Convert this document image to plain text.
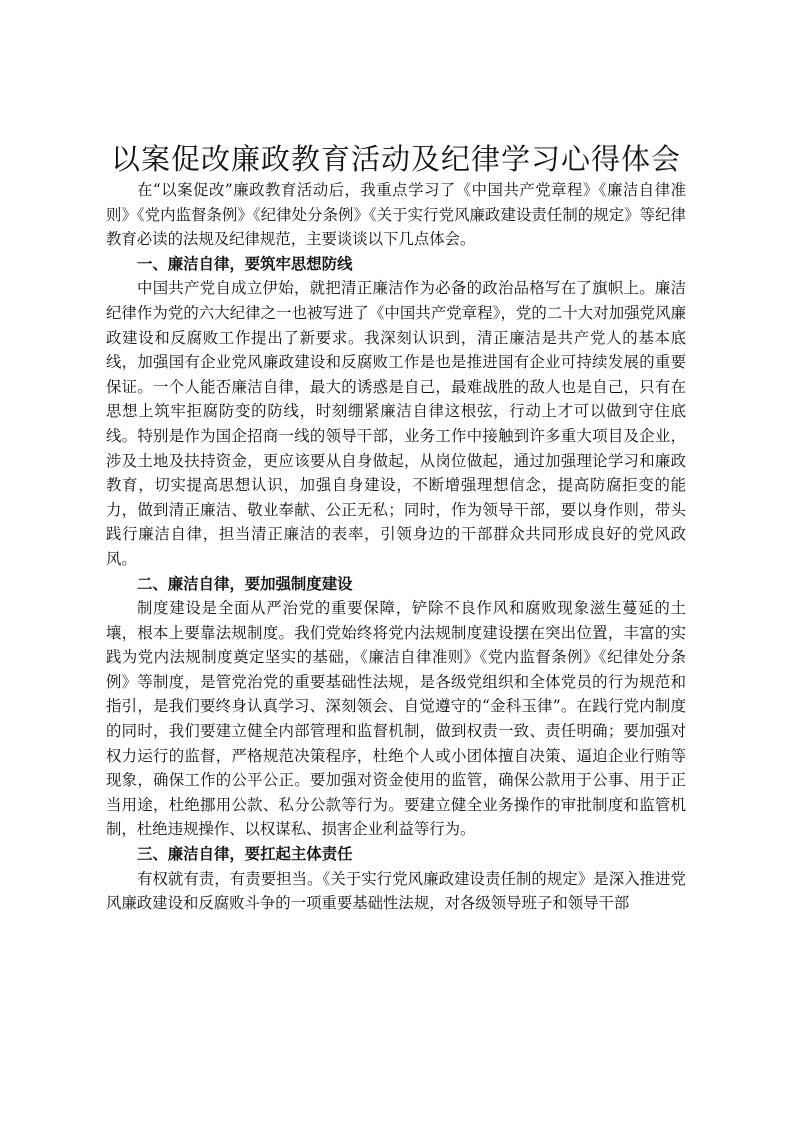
以案促改廉政教育活动及纪律学习心得体会

在“以案促改”廉政教育活动后，我重点学习了《中国共产党章程》《廉洁自律准则》《党内监督条例》《纪律处分条例》《关于实行党风廉政建设责任制的规定》等纪律教育必读的法规及纪律规范，主要谈谈以下几点体会。

一、廉洁自律，要筑牢思想防线

中国共产党自成立伊始，就把清正廉洁作为必备的政治品格写在了旗帜上。廉洁纪律作为党的六大纪律之一也被写进了《中国共产党章程》，党的二十大对加强党风廉政建设和反腐败工作提出了新要求。我深刻认识到，清正廉洁是共产党人的基本底线，加强国有企业党风廉政建设和反腐败工作是也是推进国有企业可持续发展的重要保证。一个人能否廉洁自律，最大的诱惑是自己，最难战胜的敌人也是自己，只有在思想上筑牢拒腐防变的防线，时刻绷紧廉洁自律这根弦，行动上才可以做到守住底线。特别是作为国企招商一线的领导干部，业务工作中接触到许多重大项目及企业，涉及土地及扶持资金，更应该要从自身做起，从岗位做起，通过加强理论学习和廉政教育，切实提高思想认识，加强自身建设，不断增强理想信念，提高防腐拒变的能力，做到清正廉洁、敬业奉献、公正无私；同时，作为领导干部，要以身作则，带头践行廉洁自律，担当清正廉洁的表率，引领身边的干部群众共同形成良好的党风政风。

二、廉洁自律，要加强制度建设

制度建设是全面从严治党的重要保障，铲除不良作风和腐败现象滋生蔓延的土壤，根本上要靠法规制度。我们党始终将党内法规制度建设摆在突出位置，丰富的实践为党内法规制度奠定坚实的基础，《廉洁自律准则》《党内监督条例》《纪律处分条例》等制度，是管党治党的重要基础性法规，是各级党组织和全体党员的行为规范和指引，是我们要终身认真学习、深刻领会、自觉遵守的“金科玉律”。在践行党内制度的同时，我们要建立健全内部管理和监督机制，做到权责一致、责任明确；要加强对权力运行的监督，严格规范决策程序，杜绝个人或小团体擅自决策、逼迫企业行贿等现象，确保工作的公平公正。要加强对资金使用的监管，确保公款用于公事、用于正当用途，杜绝挪用公款、私分公款等行为。要建立健全业务操作的审批制度和监管机制，杜绝违规操作、以权谋私、损害企业利益等行为。

三、廉洁自律，要扛起主体责任

有权就有责，有责要担当。《关于实行党风廉政建设责任制的规定》是深入推进党风廉政建设和反腐败斗争的一项重要基础性法规，对各级领导班子和领导干部
